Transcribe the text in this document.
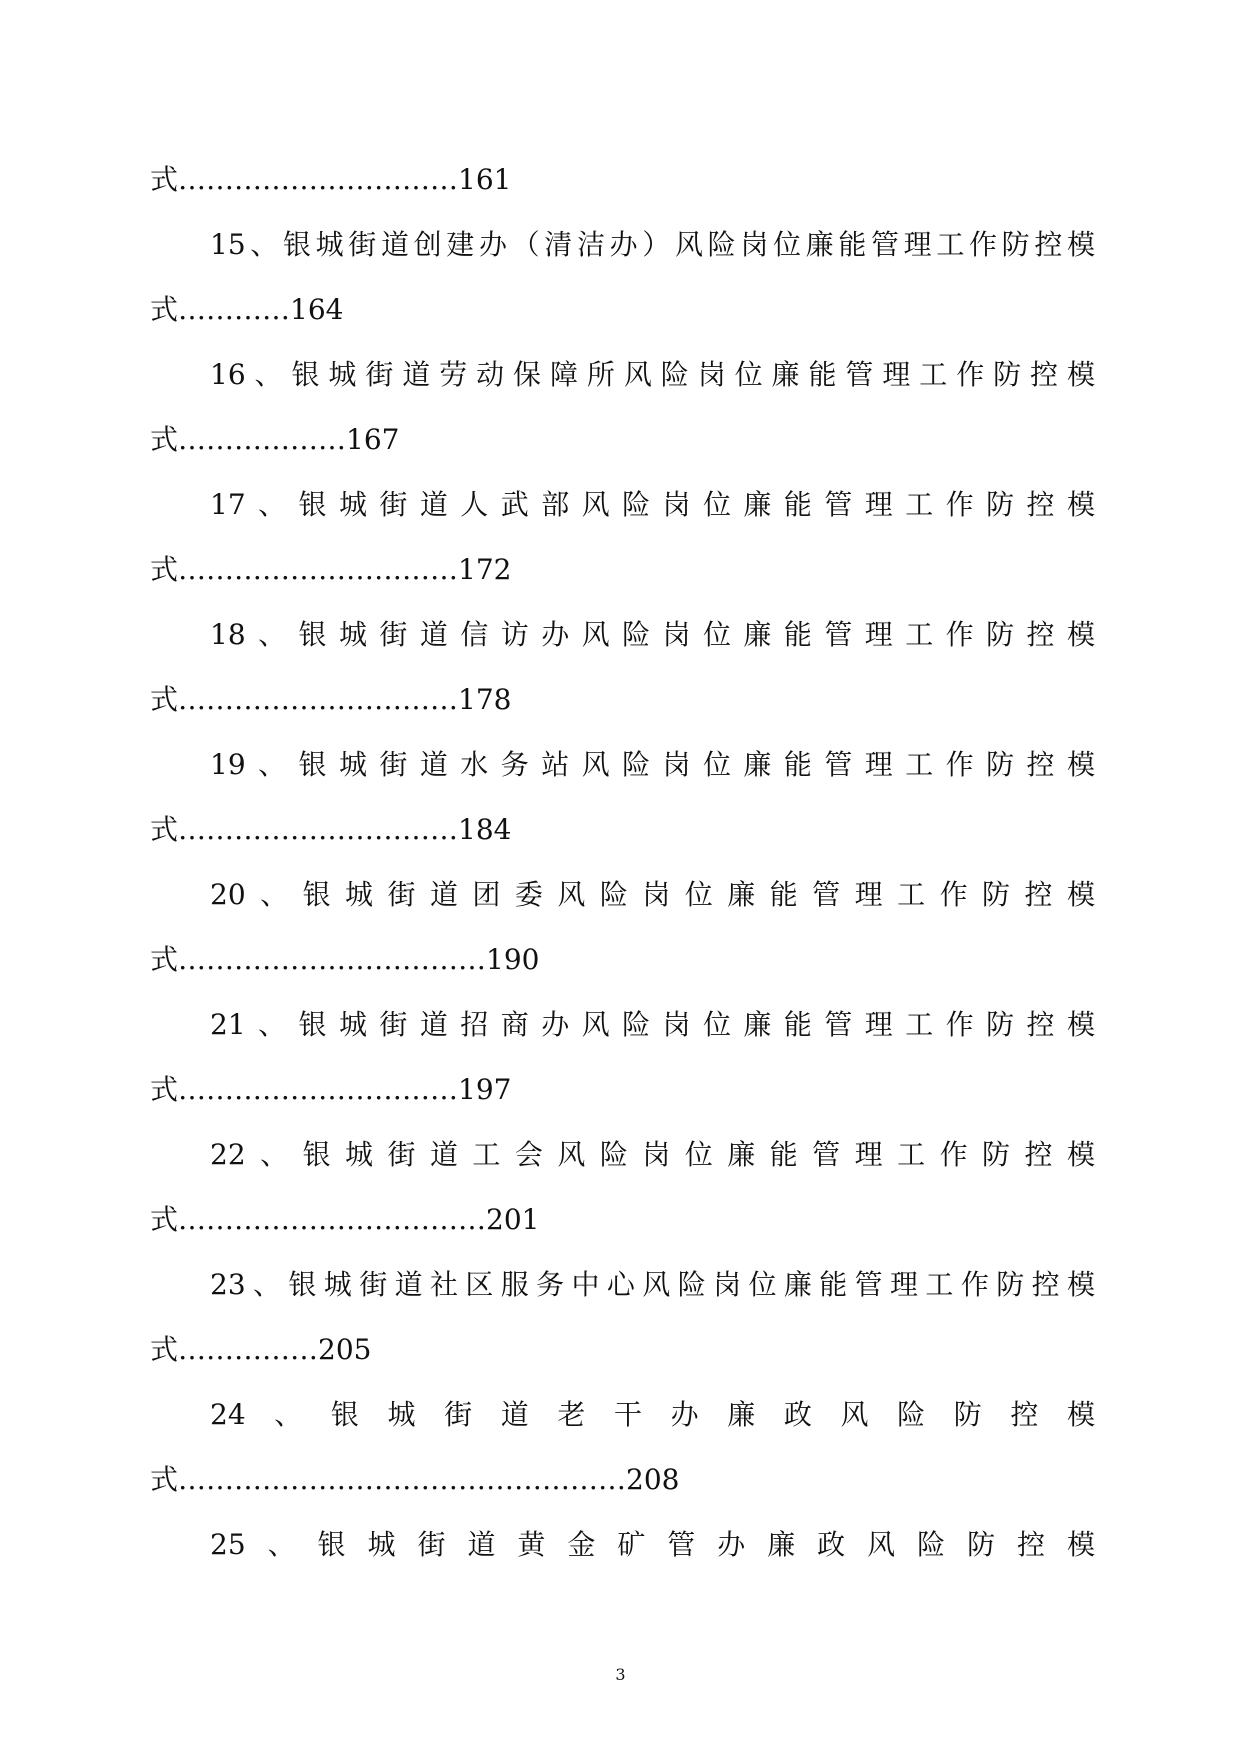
式…………………………161
15、银城街道创建办（清洁办）风险岗位廉能管理工作防控模
式…………164
16、银城街道劳动保障所风险岗位廉能管理工作防控模
式………………167
17、银城街道人武部风险岗位廉能管理工作防控模
式…………………………172
18、银城街道信访办风险岗位廉能管理工作防控模
式…………………………178
19、银城街道水务站风险岗位廉能管理工作防控模
式…………………………184
20、银城街道团委风险岗位廉能管理工作防控模
式……………………………190
21、银城街道招商办风险岗位廉能管理工作防控模
式…………………………197
22、银城街道工会风险岗位廉能管理工作防控模
式……………………………201
23、银城街道社区服务中心风险岗位廉能管理工作防控模
式……………205
24、银城街道老干办廉政风险防控模
式…………………………………………208
25、银城街道黄金矿管办廉政风险防控模
3
